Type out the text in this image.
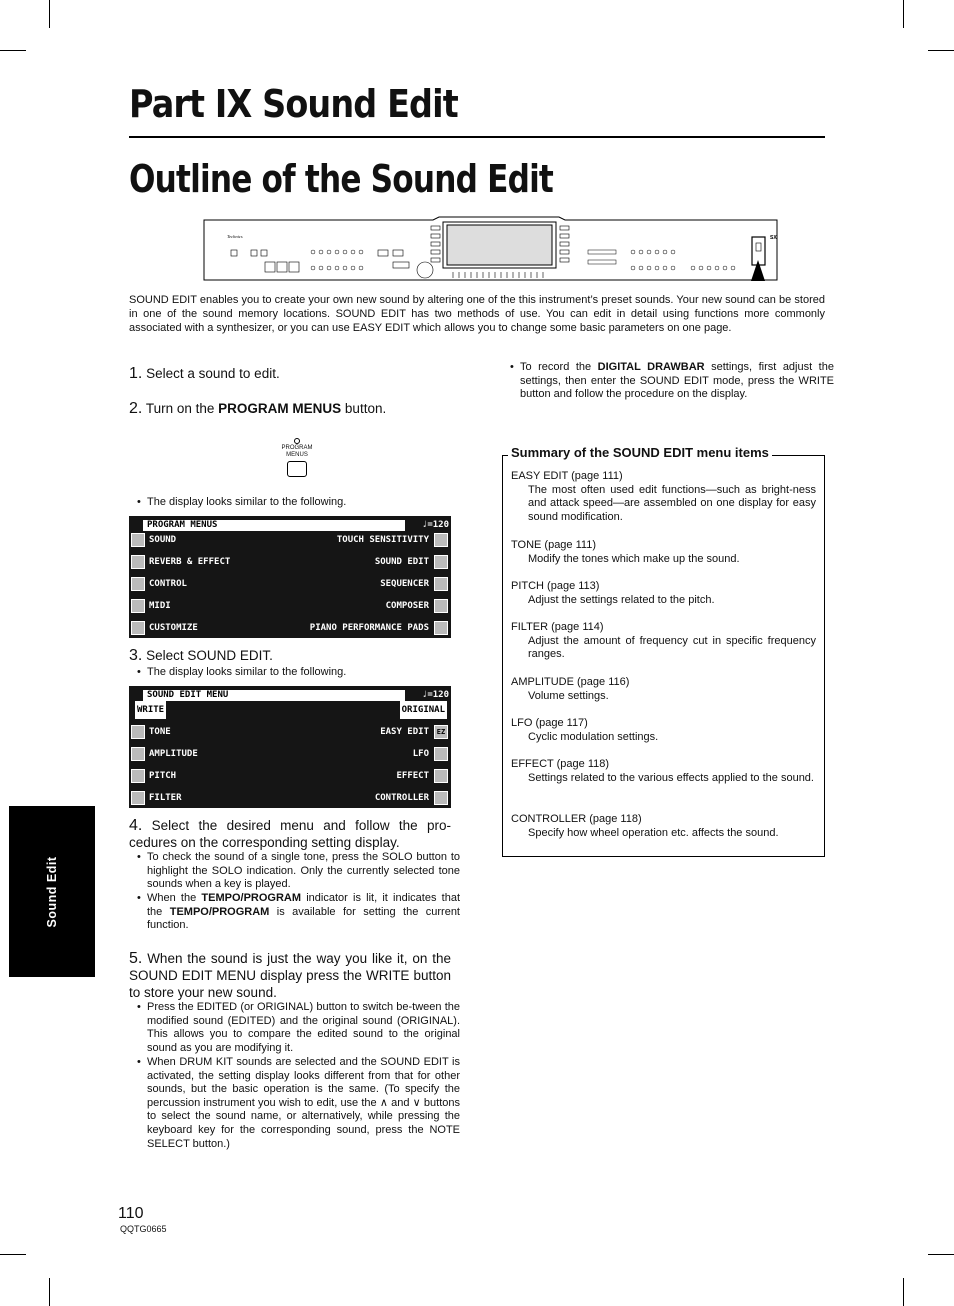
Part IX Sound Edit
Outline of the Sound Edit
Technics	SX
SOUND EDIT enables you to create your own new sound by altering one of the this instrument’s preset sounds. Your new sound can be stored in one of the sound memory locations. SOUND EDIT has two methods of use. You can edit in detail using functions more commonly associated with a synthesizer, or you can use EASY EDIT which allows you to change some basic parameters on one page.
1. Select a sound to edit.
2. Turn on the PROGRAM MENUS button.
PROGRAM
MENUS
• The display looks similar to the following.
PROGRAM MENUS	♩=120
SOUND	TOUCH SENSITIVITY
REVERB & EFFECT	SOUND EDIT
CONTROL	SEQUENCER
MIDI	COMPOSER
CUSTOMIZE	PIANO PERFORMANCE PADS
3. Select SOUND EDIT.
• The display looks similar to the following.
SOUND EDIT MENU	♩=120
WRITE	ORIGINAL
TONE	EASY EDIT	EZ
AMPLITUDE	LFO
PITCH	EFFECT
FILTER	CONTROLLER
4. Select the desired menu and follow the pro-cedures on the corresponding setting display.
• To check the sound of a single tone, press the SOLO button to highlight the SOLO indication. Only the currently selected tone sounds when a key is played.
• When the TEMPO/PROGRAM indicator is lit, it indicates that the TEMPO/PROGRAM is available for setting the current function.
5. When the sound is just the way you like it, on the SOUND EDIT MENU display press the WRITE button to store your new sound.
• Press the EDITED (or ORIGINAL) button to switch be-tween the modified sound (EDITED) and the original sound (ORIGINAL). This allows you to compare the edited sound to the original sound as you are modifying it.
• When DRUM KIT sounds are selected and the SOUND EDIT is activated, the setting display looks different from that for other sounds, but the basic operation is the same. (To specify the percussion instrument you wish to edit, use the ∧ and ∨ buttons to select the sound name, or alternatively, while pressing the keyboard key for the corresponding sound, press the NOTE SELECT button.)
• To record the DIGITAL DRAWBAR settings, first adjust the settings, then enter the SOUND EDIT mode, press the WRITE button and follow the procedure on the display.
Summary of the SOUND EDIT menu items
EASY EDIT (page 111)
The most often used edit functions—such as bright-ness and attack speed—are assembled on one display for easy sound modification.
TONE (page 111)
Modify the tones which make up the sound.
PITCH (page 113)
Adjust the settings related to the pitch.
FILTER (page 114)
Adjust the amount of frequency cut in specific frequency ranges.
AMPLITUDE (page 116)
Volume settings.
LFO (page 117)
Cyclic modulation settings.
EFFECT (page 118)
Settings related to the various effects applied to the sound.
CONTROLLER (page 118)
Specify how wheel operation etc. affects the sound.
Sound Edit
110
QQTG0665
